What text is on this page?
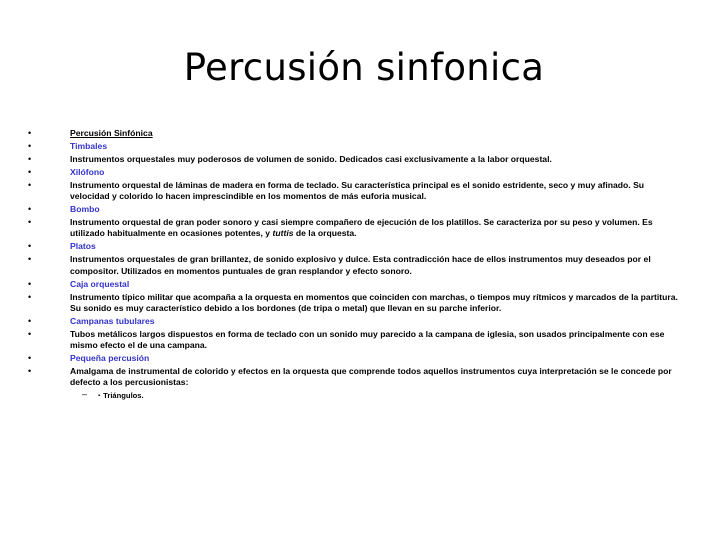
Percusión sinfonica
•	Percusión Sinfónica
•	Timbales
•	Instrumentos orquestales muy poderosos de volumen de sonido. Dedicados casi exclusivamente a la labor orquestal.
•	Xilófono
•	Instrumento orquestal de láminas de madera en forma de teclado. Su característica principal es el sonido estridente, seco y muy afinado. Su velocidad y colorido lo hacen imprescindible en los momentos de más euforia musical.
•	Bombo
•	Instrumento orquestal de gran poder sonoro y casi siempre compañero de ejecución de los platillos. Se caracteriza por su peso y volumen. Es utilizado habitualmente en ocasiones potentes, y tuttis de la orquesta.
•	Platos
•	Instrumentos orquestales de gran brillantez, de sonido explosivo y dulce. Esta contradicción hace de ellos instrumentos muy deseados por el compositor. Utilizados en momentos puntuales de gran resplandor y efecto sonoro.
•	Caja orquestal
•	Instrumento típico militar que acompaña a la orquesta en momentos que coinciden con marchas, o tiempos muy rítmicos y marcados de la partitura. Su sonido es muy característico debido a los bordones (de tripa o metal) que llevan en su parche inferior.
•	Campanas tubulares
•	Tubos metálicos largos dispuestos en forma de teclado con un sonido muy parecido a la campana de iglesia, son usados principalmente con ese mismo efecto el de una campana.
•	Pequeña percusión
•	Amalgama de instrumental de colorido y efectos en la orquesta que comprende todos aquellos instrumentos cuya interpretación se le concede por defecto a los percusionistas:
– ▪ Triángulos.
